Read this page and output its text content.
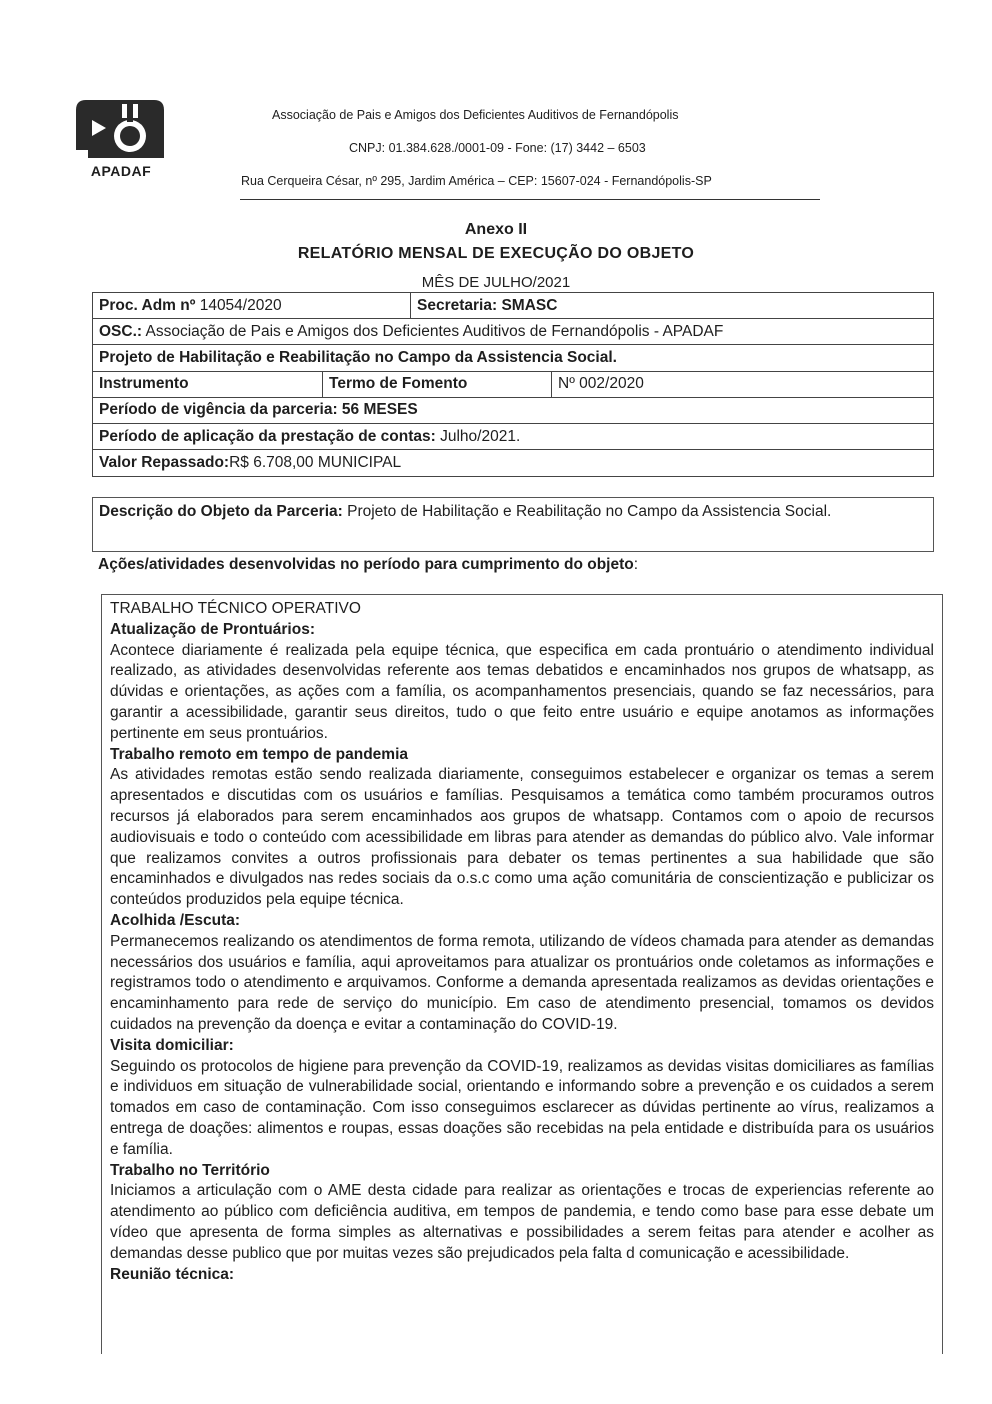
APADAF
Associação de Pais e Amigos dos Deficientes Auditivos de Fernandópolis
CNPJ: 01.384.628./0001-09 - Fone: (17) 3442 – 6503
Rua Cerqueira César, nº 295, Jardim América – CEP: 15607-024 - Fernandópolis-SP
Anexo II
RELATÓRIO MENSAL DE EXECUÇÃO DO OBJETO
MÊS DE JULHO/2021
Proc. Adm nº 14054/2020	Secretaria: SMASC
OSC.: Associação de Pais e Amigos dos Deficientes Auditivos de Fernandópolis - APADAF
Projeto de Habilitação e Reabilitação no Campo da Assistencia Social.
Instrumento	Termo de Fomento	Nº 002/2020
Período de vigência da parceria: 56 MESES
Período de aplicação da prestação de contas: Julho/2021.
Valor Repassado: R$ 6.708,00 MUNICIPAL
Descrição do Objeto da Parceria: Projeto de Habilitação e Reabilitação no Campo da Assistencia Social.
Ações/atividades desenvolvidas no período para cumprimento do objeto:
TRABALHO TÉCNICO OPERATIVO
Atualização de Prontuários:

Acontece diariamente é realizada pela equipe técnica, que especifica em cada prontuário o atendimento individual realizado, as atividades desenvolvidas referente aos temas debatidos e encaminhados nos grupos de whatsapp, as dúvidas e orientações, as ações com a família, os acompanhamentos presenciais, quando se faz necessários, para garantir a acessibilidade, garantir seus direitos, tudo o que feito entre usuário e equipe anotamos as informações pertinente em seus prontuários.

Trabalho remoto em tempo de pandemia

As atividades remotas estão sendo realizada diariamente, conseguimos estabelecer e organizar os temas a serem apresentados e discutidas com os usuários e famílias. Pesquisamos a temática como também procuramos outros recursos já elaborados para serem encaminhados aos grupos de whatsapp. Contamos com o apoio de recursos audiovisuais e todo o conteúdo com acessibilidade em libras para atender as demandas do público alvo. Vale informar que realizamos convites a outros profissionais para debater os temas pertinentes a sua habilidade que são encaminhados e divulgados nas redes sociais da o.s.c como uma ação comunitária de conscientização e publicizar os conteúdos produzidos pela equipe técnica.

Acolhida /Escuta:

Permanecemos realizando os atendimentos de forma remota, utilizando de vídeos chamada para atender as demandas necessários dos usuários e família, aqui aproveitamos para atualizar os prontuários onde coletamos as informações e registramos todo o atendimento e arquivamos. Conforme a demanda apresentada realizamos as devidas orientações e encaminhamento para rede de serviço do município. Em caso de atendimento presencial, tomamos os devidos cuidados na prevenção da doença e evitar a contaminação do COVID-19.

Visita domiciliar:

Seguindo os protocolos de higiene para prevenção da COVID-19, realizamos as devidas visitas domiciliares as famílias e individuos em situação de vulnerabilidade social, orientando e informando sobre a prevenção e os cuidados a serem tomados em caso de contaminação. Com isso conseguimos esclarecer as dúvidas pertinente ao vírus, realizamos a entrega de doações: alimentos e roupas, essas doações são recebidas na pela entidade e distribuída para os usuários e família.

Trabalho no Território

Iniciamos a articulação com o AME desta cidade para realizar as orientações e trocas de experiencias referente ao atendimento ao público com deficiência auditiva, em tempos de pandemia, e tendo como base para esse debate um vídeo que apresenta de forma simples as alternativas e possibilidades a serem feitas para atender e acolher as demandas desse publico que por muitas vezes são prejudicados pela falta d comunicação e acessibilidade.

Reunião técnica:
